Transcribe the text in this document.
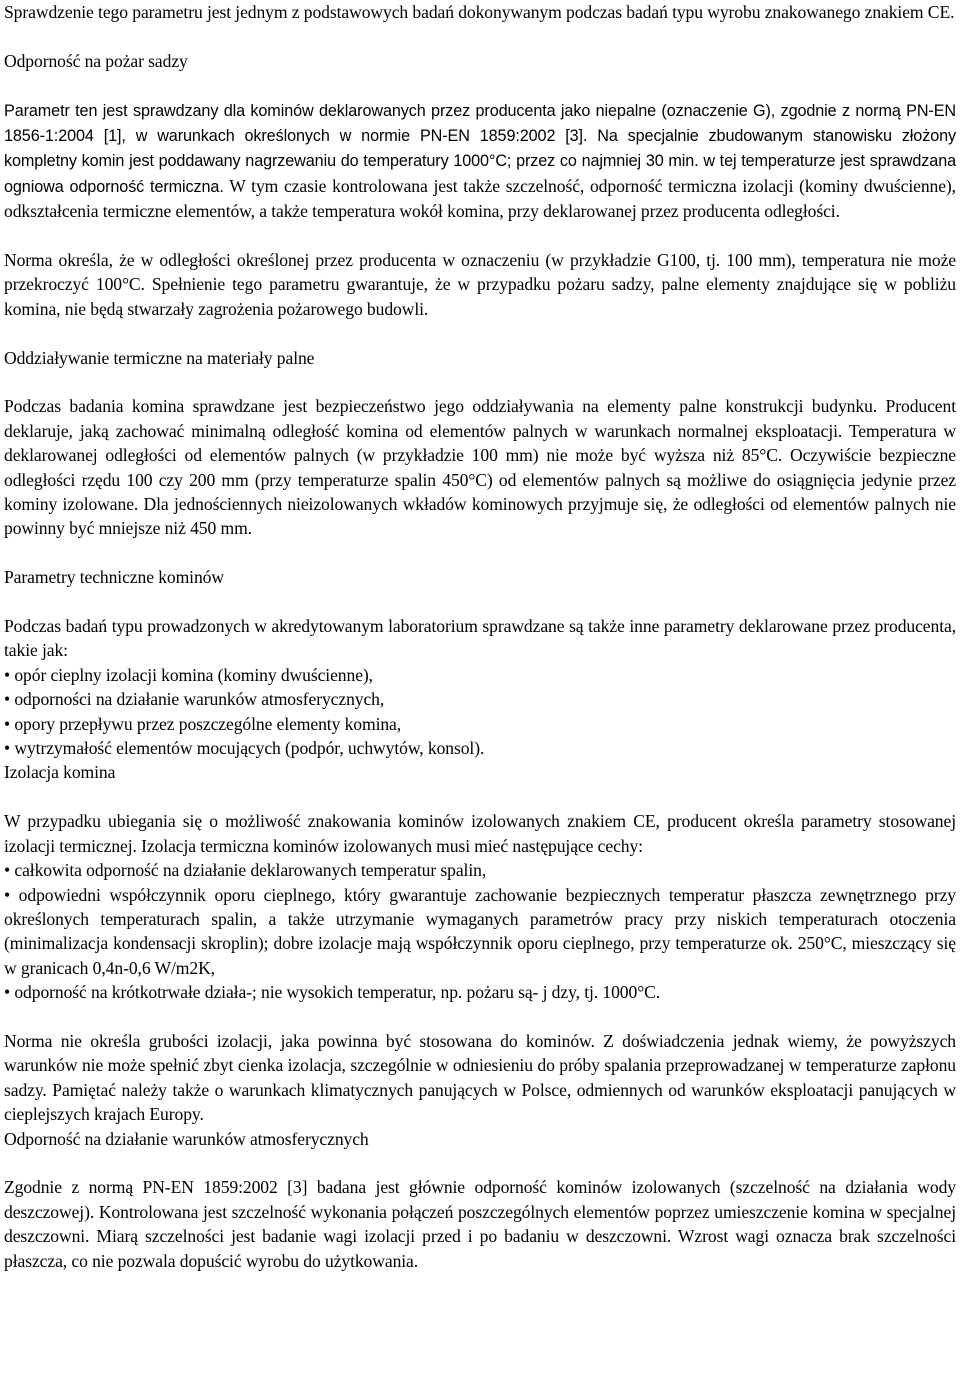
Sprawdzenie tego parametru jest jednym z podstawowych badań dokonywanym podczas badań typu wyrobu znakowanego znakiem CE.

Odporność na pożar sadzy

Parametr ten jest sprawdzany dla kominów deklarowanych przez producenta jako niepalne (oznaczenie G), zgodnie z normą PN-EN 1856-1:2004 [1], w warunkach określonych w normie PN-EN 1859:2002 [3]. Na specjalnie zbudowanym stanowisku złożony kompletny komin jest poddawany nagrzewaniu do temperatury 1000°C; przez co najmniej 30 min. w tej temperaturze jest sprawdzana ogniowa odporność termiczna. W tym czasie kontrolowana jest także szczelność, odporność termiczna izolacji (kominy dwuścienne), odkształcenia termiczne elementów, a także temperatura wokół komina, przy deklarowanej przez producenta odległości.

Norma określa, że w odległości określonej przez producenta w oznaczeniu (w przykładzie G100, tj. 100 mm), temperatura nie może przekroczyć 100°C. Spełnienie tego parametru gwarantuje, że w przypadku pożaru sadzy, palne elementy znajdujące się w pobliżu komina, nie będą stwarzały zagrożenia pożarowego budowli.

Oddziaływanie termiczne na materiały palne

Podczas badania komina sprawdzane jest bezpieczeństwo jego oddziaływania na elementy palne konstrukcji budynku. Producent deklaruje, jaką zachować minimalną odległość komina od elementów palnych w warunkach normalnej eksploatacji. Temperatura w deklarowanej odległości od elementów palnych (w przykładzie 100 mm) nie może być wyższa niż 85°C. Oczywiście bezpieczne odległości rzędu 100 czy 200 mm (przy temperaturze spalin 450°C) od elementów palnych są możliwe do osiągnięcia jedynie przez kominy izolowane. Dla jednościennych nieizolowanych wkładów kominowych przyjmuje się, że odległości od elementów palnych nie powinny być mniejsze niż 450 mm.

Parametry techniczne kominów

Podczas badań typu prowadzonych w akredytowanym laboratorium sprawdzane są także inne parametry deklarowane przez producenta, takie jak:

• opór cieplny izolacji komina (kominy dwuścienne),
• odporności na działanie warunków atmosferycznych,
• opory przepływu przez poszczególne elementy komina,
• wytrzymałość elementów mocujących (podpór, uchwytów, konsol).

Izolacja komina

W przypadku ubiegania się o możliwość znakowania kominów izolowanych znakiem CE, producent określa parametry stosowanej izolacji termicznej. Izolacja termiczna kominów izolowanych musi mieć następujące cechy:

• całkowita odporność na działanie deklarowanych temperatur spalin,
• odpowiedni współczynnik oporu cieplnego, który gwarantuje zachowanie bezpiecznych temperatur płaszcza zewnętrznego przy określonych temperaturach spalin, a także utrzymanie wymaganych parametrów pracy przy niskich temperaturach otoczenia (minimalizacja kondensacji skroplin); dobre izolacje mają współczynnik oporu cieplnego, przy temperaturze ok. 250°C, mieszczący się w granicach 0,4n-0,6 W/m2K,
• odporność na krótkotrwałe działa-; nie wysokich temperatur, np. pożaru są- j dzy, tj. 1000°C.

Norma nie określa grubości izolacji, jaka powinna być stosowana do kominów. Z doświadczenia jednak wiemy, że powyższych warunków nie może spełnić zbyt cienka izolacja, szczególnie w odniesieniu do próby spalania przeprowadzanej w temperaturze zapłonu sadzy. Pamiętać należy także o warunkach klimatycznych panujących w Polsce, odmiennych od warunków eksploatacji panujących w cieplejszych krajach Europy.

Odporność na działanie warunków atmosferycznych

Zgodnie z normą PN-EN 1859:2002 [3] badana jest głównie odporność kominów izolowanych (szczelność na działania wody deszczowej). Kontrolowana jest szczelność wykonania połączeń poszczególnych elementów poprzez umieszczenie komina w specjalnej deszczowni. Miarą szczelności jest badanie wagi izolacji przed i po badaniu w deszczowni. Wzrost wagi oznacza brak szczelności płaszcza, co nie pozwala dopuścić wyrobu do użytkowania.
